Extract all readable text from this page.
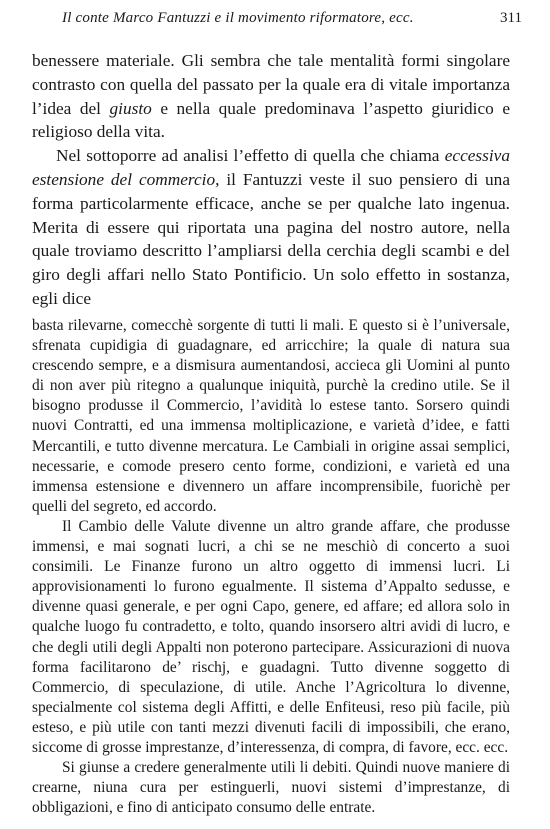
Il conte Marco Fantuzzi e il movimento riformatore, ecc.	311

benessere materiale. Gli sembra che tale mentalità formi singolare contrasto con quella del passato per la quale era di vitale importanza l’idea del giusto e nella quale predominava l’aspetto giuridico e religioso della vita.

Nel sottoporre ad analisi l’effetto di quella che chiama eccessiva estensione del commercio, il Fantuzzi veste il suo pensiero di una forma particolarmente efficace, anche se per qualche lato ingenua. Merita di essere qui riportata una pagina del nostro autore, nella quale troviamo descritto l’ampliarsi della cerchia degli scambi e del giro degli affari nello Stato Pontificio. Un solo effetto in sostanza, egli dice

basta rilevarne, comecchè sorgente di tutti li mali. E questo si è l’universale, sfrenata cupidigia di guadagnare, ed arricchire; la quale di natura sua crescendo sempre, e a dismisura aumentandosi, accieca gli Uomini al punto di non aver più ritegno a qualunque iniquità, purchè la credino utile. Se il bisogno produsse il Commercio, l’avidità lo estese tanto. Sorsero quindi nuovi Contratti, ed una immensa moltiplicazione, e varietà d’idee, e fatti Mercantili, e tutto divenne mercatura. Le Cambiali in origine assai semplici, necessarie, e comode presero cento forme, condizioni, e varietà ed una immensa estensione e divennero un affare incomprensibile, fuorichè per quelli del segreto, ed accordo.

Il Cambio delle Valute divenne un altro grande affare, che produsse immensi, e mai sognati lucri, a chi se ne meschiò di concerto a suoi consimili. Le Finanze furono un altro oggetto di immensi lucri. Li approvisionamenti lo furono egualmente. Il sistema d’Appalto sedusse, e divenne quasi generale, e per ogni Capo, genere, ed affare; ed allora solo in qualche luogo fu contradetto, e tolto, quando insorsero altri avidi di lucro, e che degli utili degli Appalti non poterono partecipare. Assicurazioni di nuova forma facilitarono de’ rischj, e guadagni. Tutto divenne soggetto di Commercio, di speculazione, di utile. Anche l’Agricoltura lo divenne, specialmente col sistema degli Affitti, e delle Enfiteusi, reso più facile, più esteso, e più utile con tanti mezzi divenuti facili di impossibili, che erano, siccome di grosse imprestanze, d’interessenza, di compra, di favore, ecc. ecc.

Si giunse a credere generalmente utili li debiti. Quindi nuove maniere di crearne, niuna cura per estinguerli, nuovi sistemi d’imprestanze, di obbligazioni, e fino di anticipato consumo delle entrate.
